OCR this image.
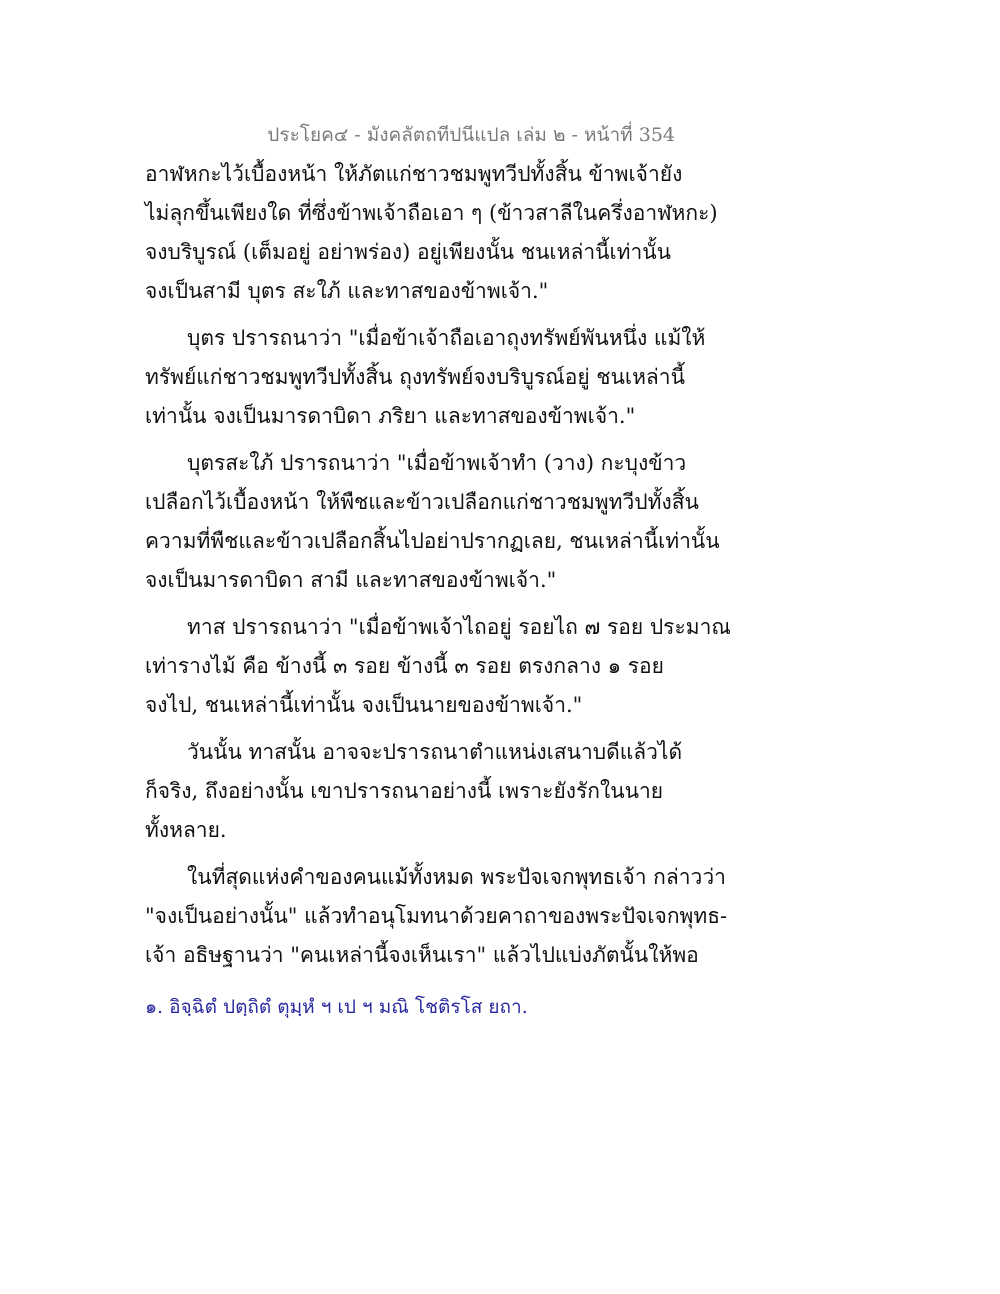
ประโยค๔ - มังคลัตถทีปนีแปล เล่ม ๒ - หน้าที่ 354
อาฬหกะไว้เบื้องหน้า ให้ภัตแก่ชาวชมพูทวีปทั้งสิ้น ข้าพเจ้ายัง
ไม่ลุกขึ้นเพียงใด ที่ซึ่งข้าพเจ้าถือเอา ๆ (ข้าวสาลีในครึ่งอาฬหกะ)
จงบริบูรณ์ (เต็มอยู่ อย่าพร่อง) อยู่เพียงนั้น ชนเหล่านี้เท่านั้น
จงเป็นสามี บุตร สะใภ้ และทาสของข้าพเจ้า."
บุตร ปรารถนาว่า "เมื่อข้าเจ้าถือเอาถุงทรัพย์พันหนึ่ง แม้ให้
ทรัพย์แก่ชาวชมพูทวีปทั้งสิ้น ถุงทรัพย์จงบริบูรณ์อยู่ ชนเหล่านี้
เท่านั้น จงเป็นมารดาบิดา ภริยา และทาสของข้าพเจ้า."
บุตรสะใภ้ ปรารถนาว่า "เมื่อข้าพเจ้าทำ (วาง) กะบุงข้าว
เปลือกไว้เบื้องหน้า ให้พืชและข้าวเปลือกแก่ชาวชมพูทวีปทั้งสิ้น
ความที่พืชและข้าวเปลือกสิ้นไปอย่าปรากฏเลย, ชนเหล่านี้เท่านั้น
จงเป็นมารดาบิดา สามี และทาสของข้าพเจ้า."
ทาส ปรารถนาว่า "เมื่อข้าพเจ้าไถอยู่ รอยไถ ๗ รอย ประมาณ
เท่ารางไม้ คือ ข้างนี้ ๓ รอย ข้างนี้ ๓ รอย ตรงกลาง ๑ รอย
จงไป, ชนเหล่านี้เท่านั้น จงเป็นนายของข้าพเจ้า."
วันนั้น ทาสนั้น อาจจะปรารถนาตำแหน่งเสนาบดีแล้วได้
ก็จริง, ถึงอย่างนั้น เขาปรารถนาอย่างนี้ เพราะยังรักในนาย
ทั้งหลาย.
ในที่สุดแห่งคำของคนแม้ทั้งหมด พระปัจเจกพุทธเจ้า กล่าวว่า
"จงเป็นอย่างนั้น" แล้วทำอนุโมทนาด้วยคาถาของพระปัจเจกพุทธ-
เจ้า อธิษฐานว่า "คนเหล่านี้จงเห็นเรา" แล้วไปแบ่งภัตนั้นให้พอ
๑. อิจฺฉิตํ ปตฺถิตํ ตุมฺหํ ฯ เป ฯ มณิ โชติรโส ยถา.
